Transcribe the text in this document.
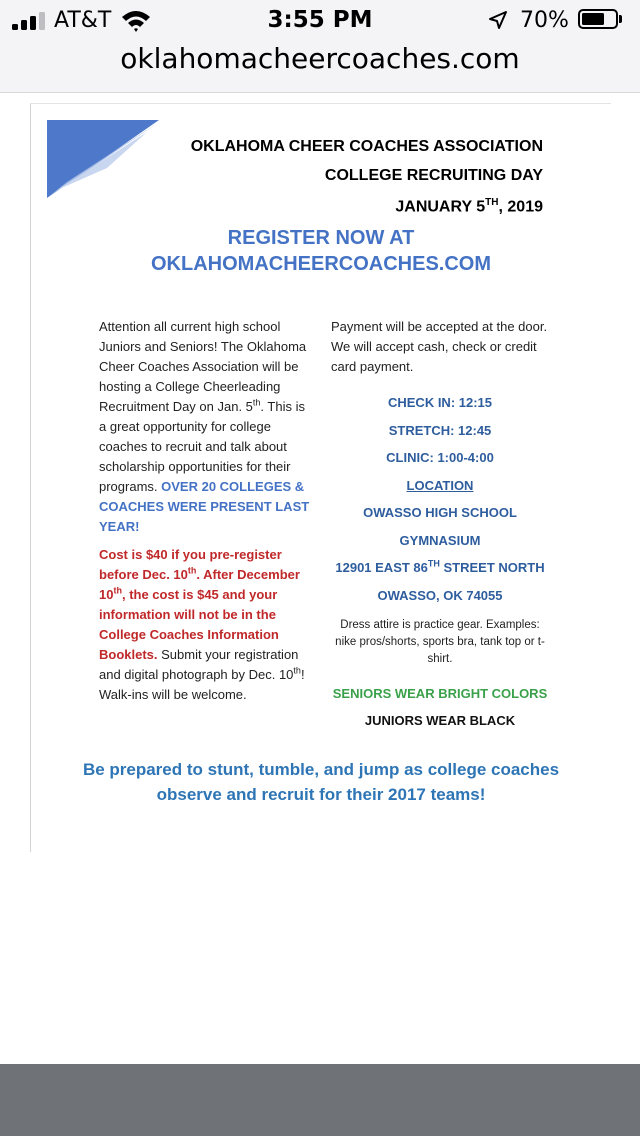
AT&T	3:55 PM	70%
oklahomacheercoaches.com
OKLAHOMA CHEER COACHES ASSOCIATION
COLLEGE RECRUITING DAY
JANUARY 5TH, 2019
REGISTER NOW AT
OKLAHOMACHEERCOACHES.COM

Attention all current high school Juniors and Seniors! The Oklahoma Cheer Coaches Association will be hosting a College Cheerleading Recruitment Day on Jan. 5th. This is a great opportunity for college coaches to recruit and talk about scholarship opportunities for their programs. OVER 20 COLLEGES & COACHES WERE PRESENT LAST YEAR!

Cost is $40 if you pre-register before Dec. 10th. After December 10th, the cost is $45 and your information will not be in the College Coaches Information Booklets. Submit your registration and digital photograph by Dec. 10th! Walk-ins will be welcome.

Payment will be accepted at the door. We will accept cash, check or credit card payment.
CHECK IN: 12:15
STRETCH: 12:45
CLINIC: 1:00-4:00
LOCATION
OWASSO HIGH SCHOOL
GYMNASIUM
12901 EAST 86TH STREET NORTH
OWASSO, OK 74055
Dress attire is practice gear. Examples: nike pros/shorts, sports bra, tank top or t-shirt.
SENIORS WEAR BRIGHT COLORS
JUNIORS WEAR BLACK
Be prepared to stunt, tumble, and jump as college coaches observe and recruit for their 2017 teams!
